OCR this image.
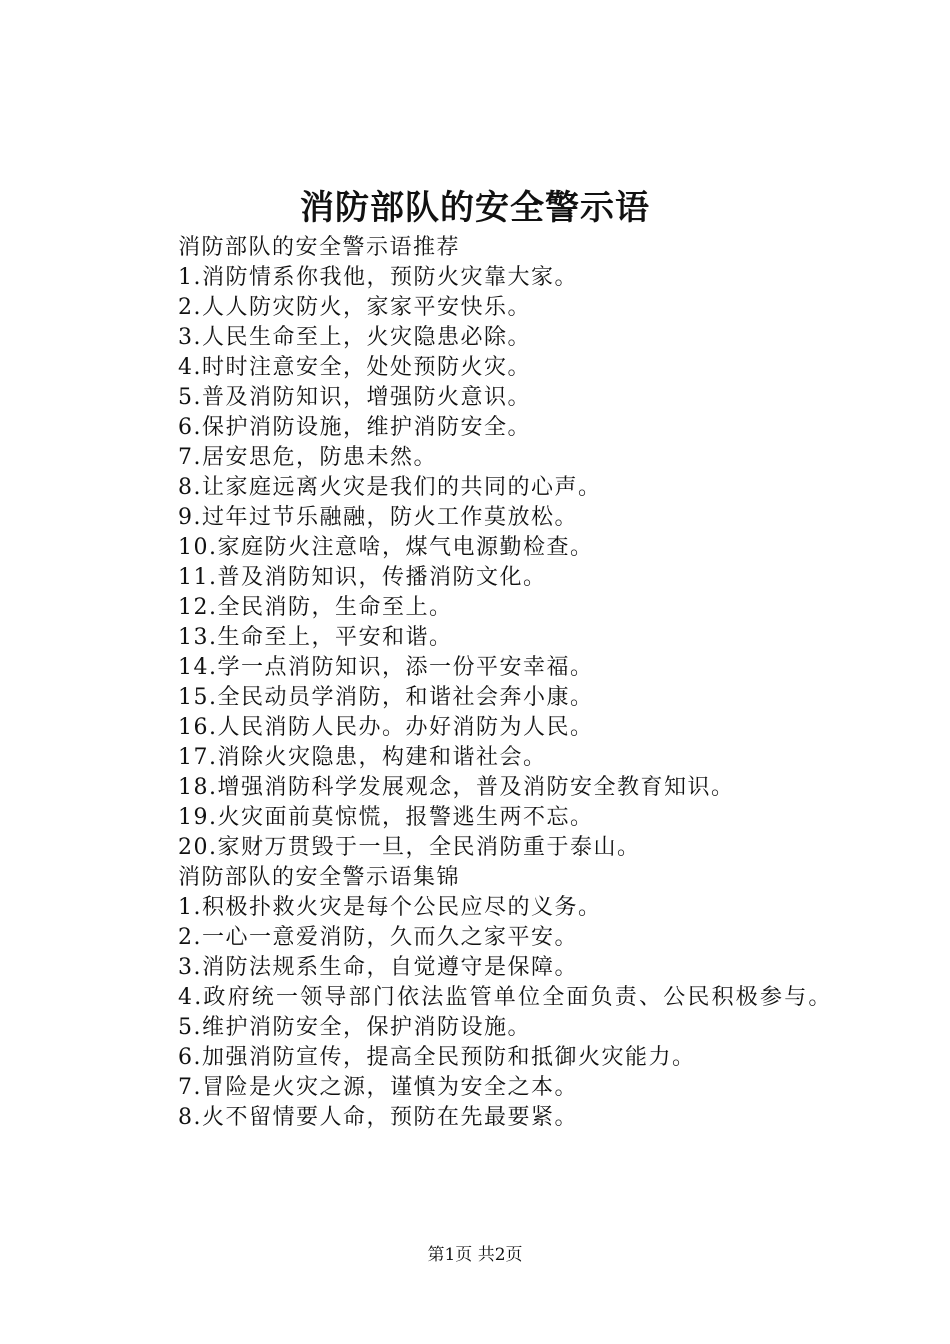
消防部队的安全警示语
消防部队的安全警示语推荐
1.消防情系你我他，预防火灾靠大家。
2.人人防灾防火，家家平安快乐。
3.人民生命至上，火灾隐患必除。
4.时时注意安全，处处预防火灾。
5.普及消防知识，增强防火意识。
6.保护消防设施，维护消防安全。
7.居安思危，防患未然。
8.让家庭远离火灾是我们的共同的心声。
9.过年过节乐融融，防火工作莫放松。
10.家庭防火注意啥，煤气电源勤检查。
11.普及消防知识，传播消防文化。
12.全民消防，生命至上。
13.生命至上，平安和谐。
14.学一点消防知识，添一份平安幸福。
15.全民动员学消防，和谐社会奔小康。
16.人民消防人民办。办好消防为人民。
17.消除火灾隐患，构建和谐社会。
18.增强消防科学发展观念，普及消防安全教育知识。
19.火灾面前莫惊慌，报警逃生两不忘。
20.家财万贯毁于一旦，全民消防重于泰山。
消防部队的安全警示语集锦
1.积极扑救火灾是每个公民应尽的义务。
2.一心一意爱消防，久而久之家平安。
3.消防法规系生命，自觉遵守是保障。
4.政府统一领导部门依法监管单位全面负责、公民积极参与。
5.维护消防安全，保护消防设施。
6.加强消防宣传，提高全民预防和抵御火灾能力。
7.冒险是火灾之源，谨慎为安全之本。
8.火不留情要人命，预防在先最要紧。
第1页 共2页
